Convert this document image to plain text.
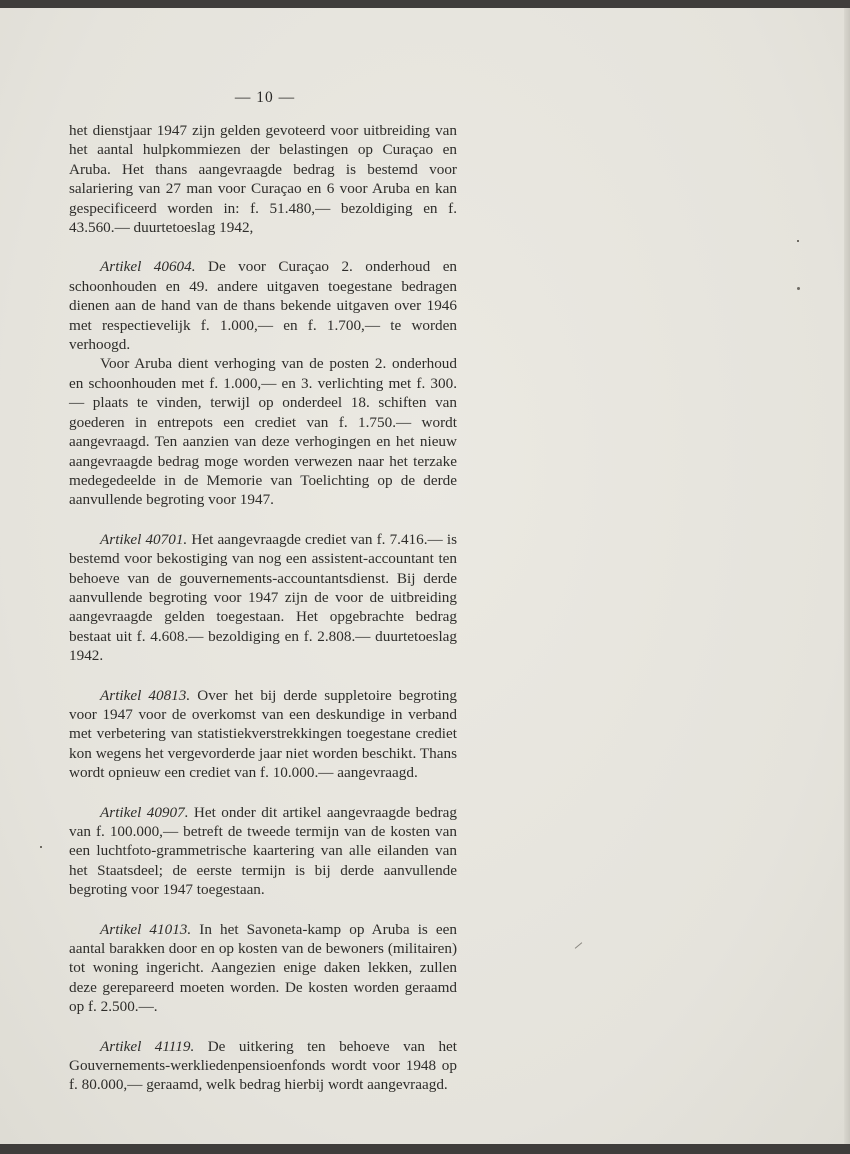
— 10 —

het dienstjaar 1947 zijn gelden gevoteerd voor uitbreiding van het aantal hulpkommiezen der belastingen op Curaçao en Aruba. Het thans aangevraagde bedrag is bestemd voor salariering van 27 man voor Curaçao en 6 voor Aruba en kan gespecificeerd worden in: f. 51.480,— bezoldiging en f. 43.560.— duurtetoeslag 1942,

Artikel 40604. De voor Curaçao 2. onderhoud en schoonhouden en 49. andere uitgaven toegestane bedragen dienen aan de hand van de thans bekende uitgaven over 1946 met respectievelijk f. 1.000,— en f. 1.700,— te worden verhoogd.

Voor Aruba dient verhoging van de posten 2. onderhoud en schoonhouden met f. 1.000,— en 3. verlichting met f. 300.— plaats te vinden, terwijl op onderdeel 18. schiften van goederen in entrepots een crediet van f. 1.750.— wordt aangevraagd. Ten aanzien van deze verhogingen en het nieuw aangevraagde bedrag moge worden verwezen naar het terzake medegedeelde in de Memorie van Toelichting op de derde aanvullende begroting voor 1947.

Artikel 40701. Het aangevraagde crediet van f. 7.416.— is bestemd voor bekostiging van nog een assistent-accountant ten behoeve van de gouvernements-accountantsdienst. Bij derde aanvullende begroting voor 1947 zijn de voor de uitbreiding aangevraagde gelden toegestaan. Het opgebrachte bedrag bestaat uit f. 4.608.— bezoldiging en f. 2.808.— duurtetoeslag 1942.

Artikel 40813. Over het bij derde suppletoire begroting voor 1947 voor de overkomst van een deskundige in verband met verbetering van statistiekverstrekkingen toegestane crediet kon wegens het vergevorderde jaar niet worden beschikt. Thans wordt opnieuw een crediet van f. 10.000.— aangevraagd.

Artikel 40907. Het onder dit artikel aangevraagde bedrag van f. 100.000,— betreft de tweede termijn van de kosten van een luchtfoto-grammetrische kaartering van alle eilanden van het Staatsdeel; de eerste termijn is bij derde aanvullende begroting voor 1947 toegestaan.

Artikel 41013. In het Savoneta-kamp op Aruba is een aantal barakken door en op kosten van de bewoners (militairen) tot woning ingericht. Aangezien enige daken lekken, zullen deze gerepareerd moeten worden. De kosten worden geraamd op f. 2.500.—.

Artikel 41119. De uitkering ten behoeve van het Gouvernements-werkliedenpensioenfonds wordt voor 1948 op f. 80.000,— geraamd, welk bedrag hierbij wordt aangevraagd.
